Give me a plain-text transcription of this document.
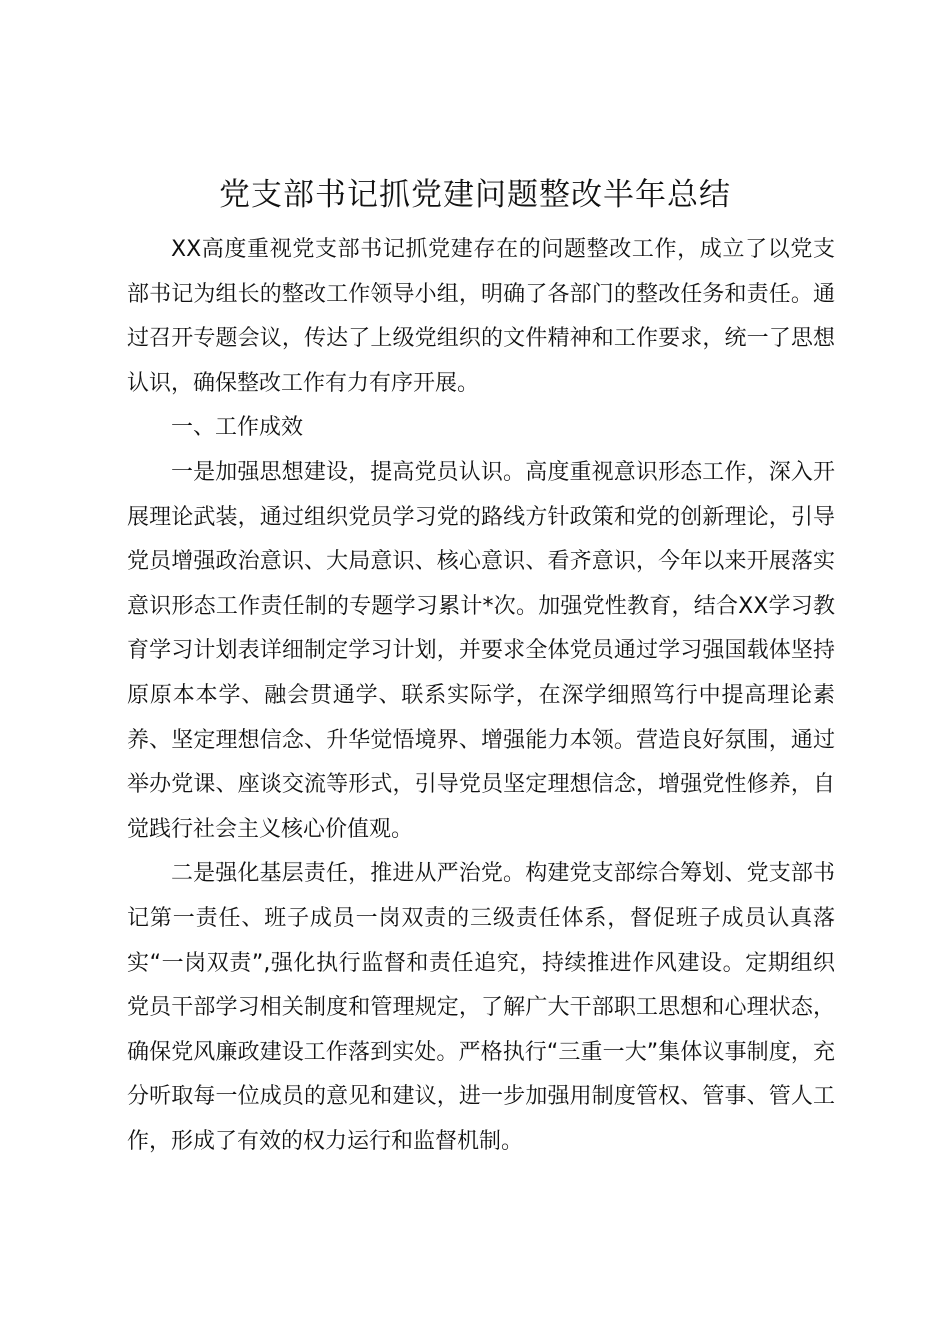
党支部书记抓党建问题整改半年总结

XX高度重视党支部书记抓党建存在的问题整改工作，成立了以党支部书记为组长的整改工作领导小组，明确了各部门的整改任务和责任。通过召开专题会议，传达了上级党组织的文件精神和工作要求，统一了思想认识，确保整改工作有力有序开展。

一、工作成效

一是加强思想建设，提高党员认识。高度重视意识形态工作，深入开展理论武装，通过组织党员学习党的路线方针政策和党的创新理论，引导党员增强政治意识、大局意识、核心意识、看齐意识，今年以来开展落实意识形态工作责任制的专题学习累计*次。加强党性教育，结合XX学习教育学习计划表详细制定学习计划，并要求全体党员通过学习强国载体坚持原原本本学、融会贯通学、联系实际学，在深学细照笃行中提高理论素养、坚定理想信念、升华觉悟境界、增强能力本领。营造良好氛围，通过举办党课、座谈交流等形式，引导党员坚定理想信念，增强党性修养，自觉践行社会主义核心价值观。

二是强化基层责任，推进从严治党。构建党支部综合筹划、党支部书记第一责任、班子成员一岗双责的三级责任体系，督促班子成员认真落实“一岗双责”,强化执行监督和责任追究，持续推进作风建设。定期组织党员干部学习相关制度和管理规定，了解广大干部职工思想和心理状态，确保党风廉政建设工作落到实处。严格执行“三重一大”集体议事制度，充分听取每一位成员的意见和建议，进一步加强用制度管权、管事、管人工作，形成了有效的权力运行和监督机制。
